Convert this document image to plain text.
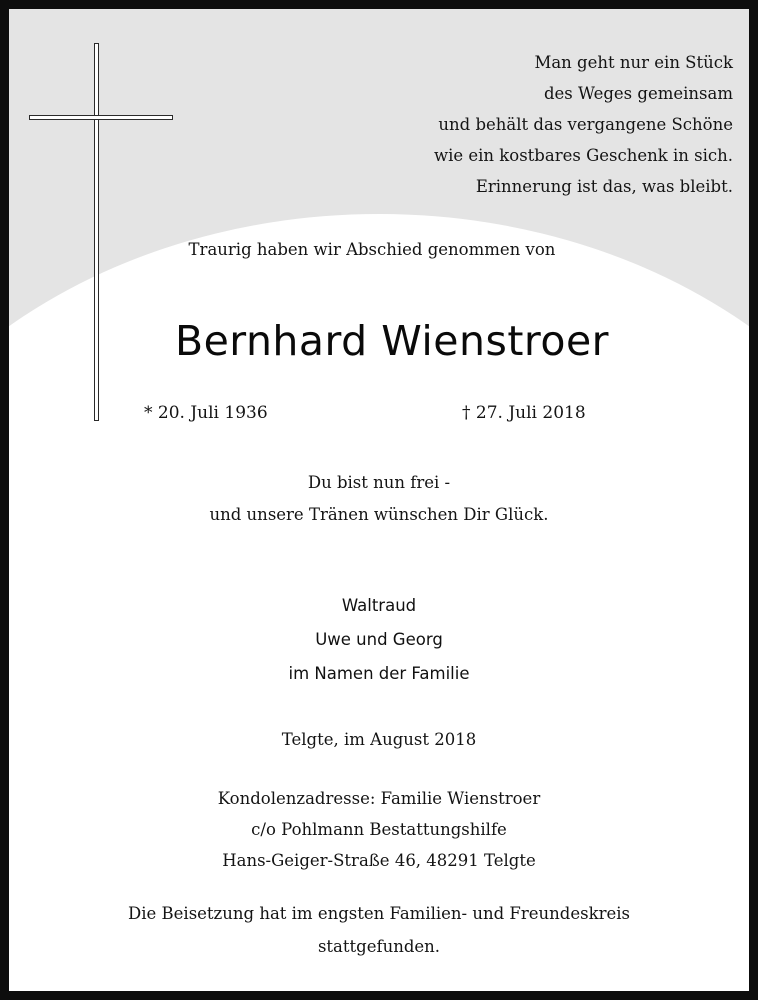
Man geht nur ein Stück
des Weges gemeinsam
und behält das vergangene Schöne
wie ein kostbares Geschenk in sich.
Erinnerung ist das, was bleibt.
Traurig haben wir Abschied genommen von
Bernhard Wienstroer
* 20. Juli 1936	† 27. Juli 2018
Du bist nun frei -
und unsere Tränen wünschen Dir Glück.
Waltraud
Uwe und Georg
im Namen der Familie
Telgte, im August 2018
Kondolenzadresse: Familie Wienstroer
c/o Pohlmann Bestattungshilfe
Hans-Geiger-Straße 46, 48291 Telgte
Die Beisetzung hat im engsten Familien- und Freundeskreis
stattgefunden.
